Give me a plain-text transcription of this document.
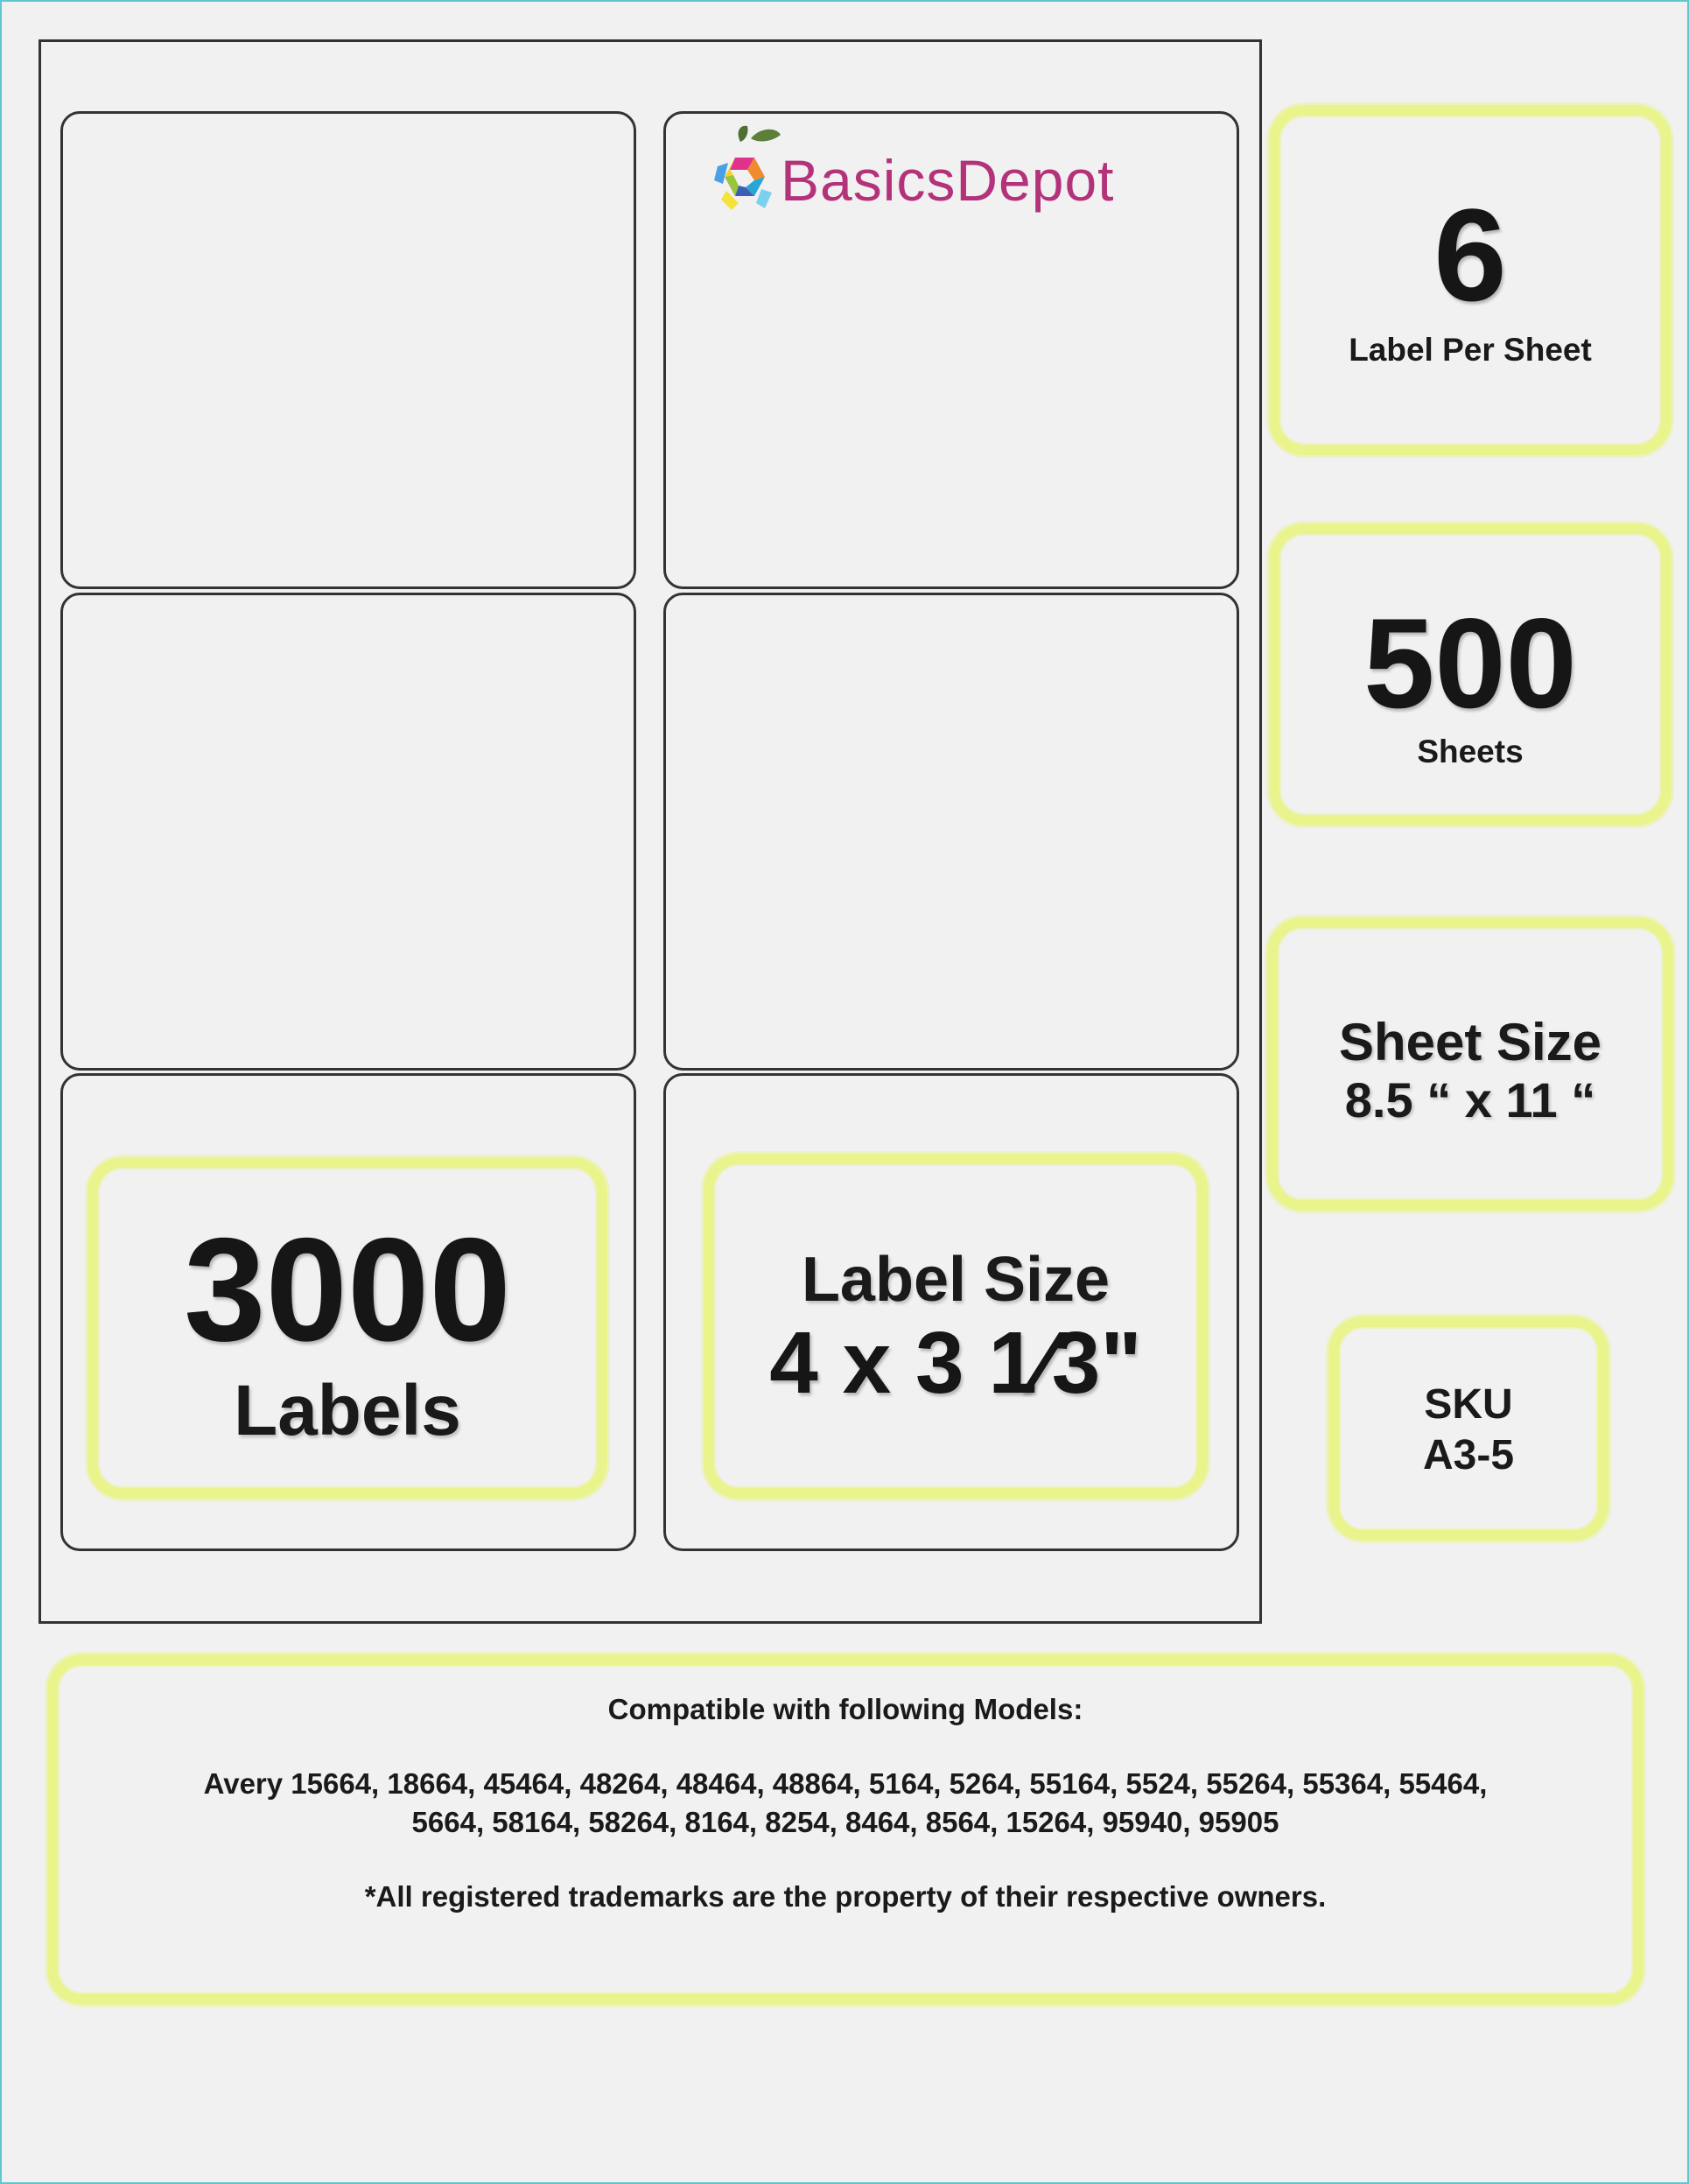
BasicsDepot
3000
Labels
Label Size
4 x 3 1⁄3"
6
Label Per Sheet
500
Sheets
Sheet Size
8.5 “ x 11 “
SKU
A3-5
Compatible with following Models:
Avery 15664, 18664, 45464, 48264, 48464, 48864, 5164, 5264, 55164, 5524, 55264, 55364, 55464,
5664, 58164, 58264, 8164, 8254, 8464, 8564, 15264, 95940, 95905
*All registered trademarks are the property of their respective owners.
